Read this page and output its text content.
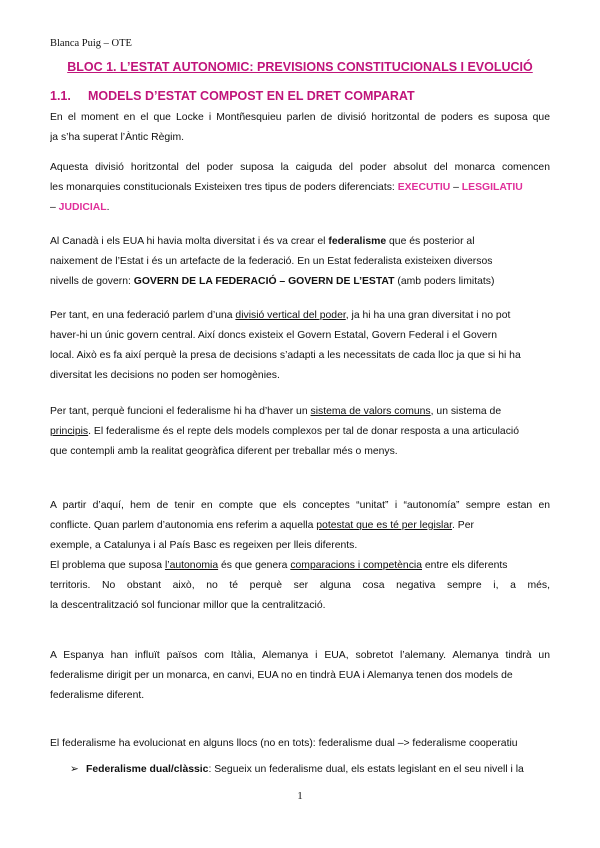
Blanca Puig – OTE
BLOC 1. L’ESTAT AUTONOMIC: PREVISIONS CONSTITUCIONALS I EVOLUCIÓ
1.1. MODELS D’ESTAT COMPOST EN EL DRET COMPARAT
En el moment en el que Locke i Montñesquieu parlen de divisió horitzontal de poders es suposa que
ja s’ha superat l’Àntic Règim.
Aquesta divisió horitzontal del poder suposa la caiguda del poder absolut del monarca comencen
les monarquies constitucionals Existeixen tres tipus de poders diferenciats: EXECUTIU – LESGILATIU
– JUDICIAL.
Al Canadà i els EUA hi havia molta diversitat i és va crear el federalisme que és posterior al
naixement de l’Estat i és un artefacte de la federació. En un Estat federalista existeixen diversos
nivells de govern: GOVERN DE LA FEDERACIÓ – GOVERN DE L’ESTAT (amb poders limitats)
Per tant, en una federació parlem d’una divisió vertical del poder, ja hi ha una gran diversitat i no pot
haver-hi un únic govern central. Així doncs existeix el Govern Estatal, Govern Federal i el Govern
local. Això es fa així perquè la presa de decisions s’adapti a les necessitats de cada lloc ja que si hi ha
diversitat les decisions no poden ser homogènies.
Per tant, perquè funcioni el federalisme hi ha d’haver un sistema de valors comuns, un sistema de
principis. El federalisme és el repte dels models complexos per tal de donar resposta a una articulació
que contempli amb la realitat geogràfica diferent per treballar més o menys.
A partir d’aquí, hem de tenir en compte que els conceptes “unitat” i “autonomía” sempre estan en
conflicte. Quan parlem d’autonomia ens referim a aquella potestat que es té per legislar. Per
exemple, a Catalunya i al País Basc es regeixen per lleis diferents.
El problema que suposa l’autonomia és que genera comparacions i competència entre els diferents
territoris. No obstant això, no té perquè ser alguna cosa negativa sempre i, a més,
la descentralització sol funcionar millor que la centralització.
A Espanya han influït països com Itàlia, Alemanya i EUA, sobretot l’alemany. Alemanya tindrà un
federalisme dirigit per un monarca, en canvi, EUA no en tindrà EUA i Alemanya tenen dos models de
federalisme diferent.
El federalisme ha evolucionat en alguns llocs (no en tots): federalisme dual –> federalisme cooperatiu
➢ Federalisme dual/clàssic: Segueix un federalisme dual, els estats legislant en el seu nivell i la
1
